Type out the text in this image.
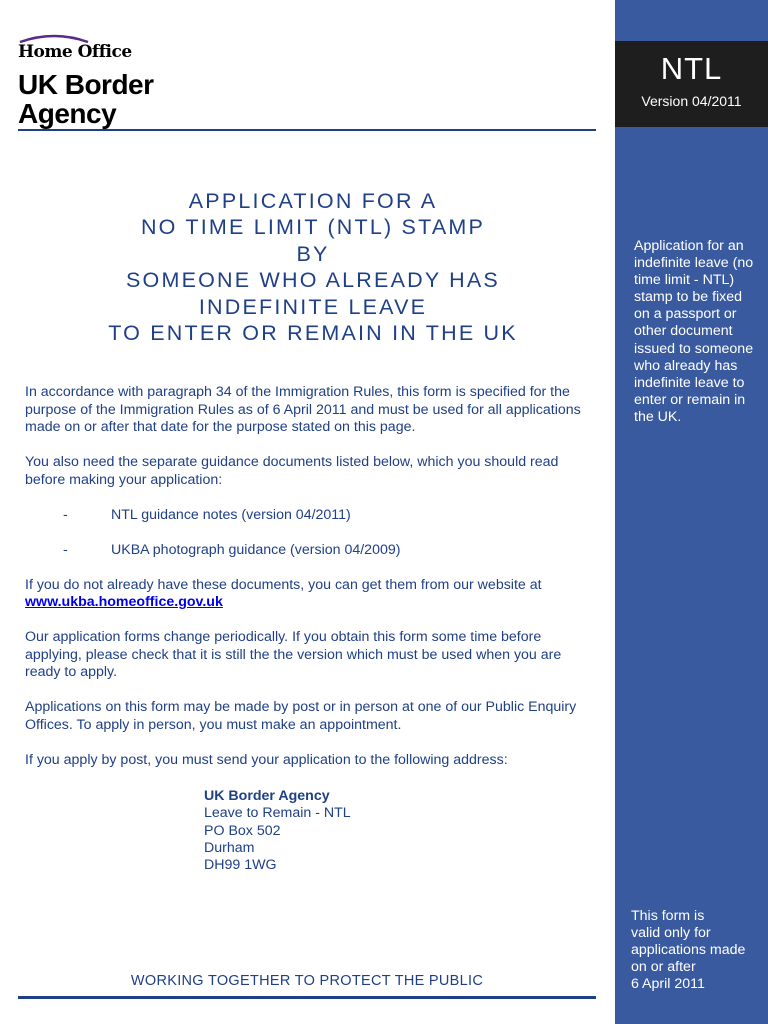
Home Office
UK Border
Agency
APPLICATION FOR A
NO TIME LIMIT (NTL) STAMP
BY
SOMEONE WHO ALREADY HAS
INDEFINITE LEAVE
TO ENTER OR REMAIN IN THE UK

In accordance with paragraph 34 of the Immigration Rules, this form is specified for the purpose of the Immigration Rules as of 6 April 2011 and must be used for all applications made on or after that date for the purpose stated on this page.

You also need the separate guidance documents listed below, which you should read before making your application:

-	NTL guidance notes (version 04/2011)
-	UKBA photograph guidance (version 04/2009)

If you do not already have these documents, you can get them from our website at
www.ukba.homeoffice.gov.uk

Our application forms change periodically. If you obtain this form some time before applying, please check that it is still the the version which must be used when you are ready to apply.

Applications on this form may be made by post or in person at one of our Public Enquiry Offices. To apply in person, you must make an appointment.

If you apply by post, you must send your application to the following address:

UK Border Agency
Leave to Remain - NTL
PO Box 502
Durham
DH99 1WG
WORKING TOGETHER TO PROTECT THE PUBLIC
NTL
Version 04/2011
Application for an indefinite leave (no time limit - NTL) stamp to be fixed on a passport or other document issued to someone who already has indefinite leave to enter or remain in the UK.
This form is
valid only for
applications made
on or after
6 April 2011
